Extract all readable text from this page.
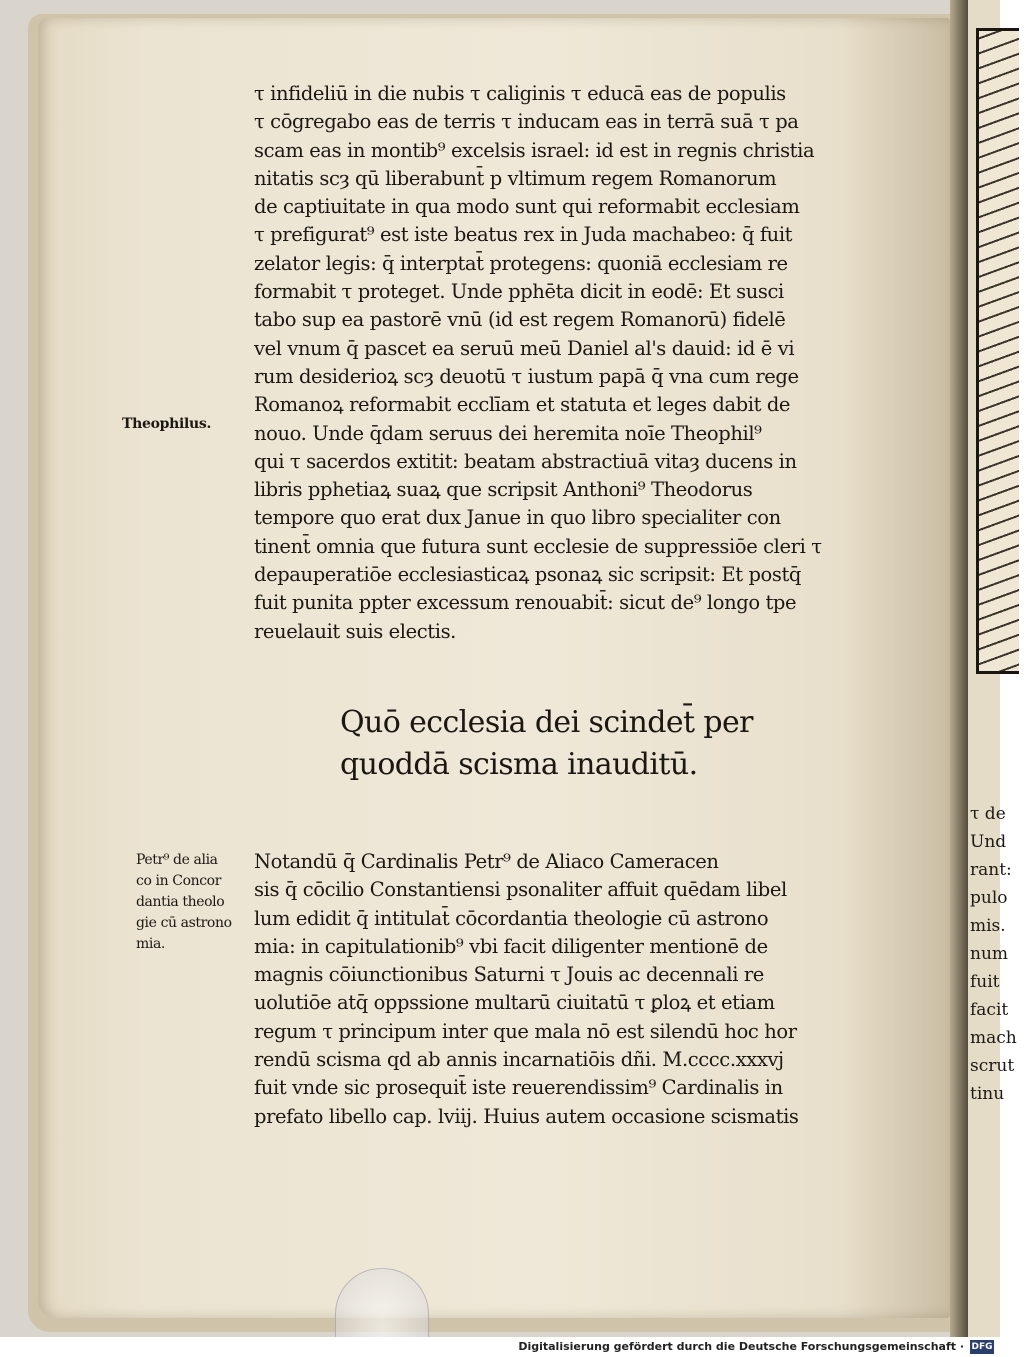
τ de
Und
rant:
pulo
mis.
num
fuit
facit
mach
scrut
tinu
τ infideliū in die nubis τ caliginis τ educā eas de populis
τ cōgregabo eas de terris τ inducam eas in terrā suā τ pa
scam eas in montib⁹ excelsis israel: id est in regnis christia
nitatis scȝ qū liberabunt̄ p vltimum regem Romanorum
de captiuitate in qua modo sunt qui reformabit ecclesiam
τ prefigurat⁹ est iste beatus rex in Juda machabeo: q̄ fuit
zelator legis: q̄ interptat̄ protegens: quoniā ecclesiam re
formabit τ proteget. Unde pphēta dicit in eodē: Et susci
tabo sup ea pastorē vnū (id est regem Romanorū) fidelē
vel vnum q̄ pascet ea seruū meū Daniel al's dauid: id ē vi
rum desiderioꝝ scȝ deuotū τ iustum papā q̄ vna cum rege
Romanoꝝ reformabit ecclīam et statuta et leges dabit de
nouo. Unde q̄dam seruus dei heremita noīe Theophil⁹
qui τ sacerdos extitit: beatam abstractiuā vitaȝ ducens in
libris pphetiaꝝ suaꝝ que scripsit Anthoni⁹ Theodorus
tempore quo erat dux Janue in quo libro specialiter con
tinent̄ omnia que futura sunt ecclesie de suppressiōe cleri τ
depauperatiōe ecclesiasticaꝝ psonaꝝ sic scripsit: Et postq̄
fuit punita ppter excessum renouabit̄: sicut de⁹ longo tpe
reuelauit suis electis.
Theophilus.
Quō ecclesia dei scindet̄ per
quoddā scisma inauditū.
Petr⁹ de alia
co in Concor
dantia theolo
gie cū astrono
mia.
Notandū q̄ Cardinalis Petr⁹ de Aliaco Cameracen
sis q̄ cōcilio Constantiensi psonaliter affuit quēdam libel
lum edidit q̄ intitulat̄ cōcordantia theologie cū astrono
mia: in capitulationib⁹ vbi facit diligenter mentionē de
magnis cōiunctionibus Saturni τ Jouis ac decennali re
uolutiōe atq̄ oppssione multarū ciuitatū τ ꝑloꝝ et etiam
regum τ principum inter que mala nō est silendū hoc hor
rendū scisma qd ab annis incarnatiōis dñi. M.cccc.xxxvj
fuit vnde sic prosequit̄ iste reuerendissim⁹ Cardinalis in
prefato libello cap. lviij. Huius autem occasione scismatis
Digitalisierung gefördert durch die Deutsche Forschungsgemeinschaft · DFG
